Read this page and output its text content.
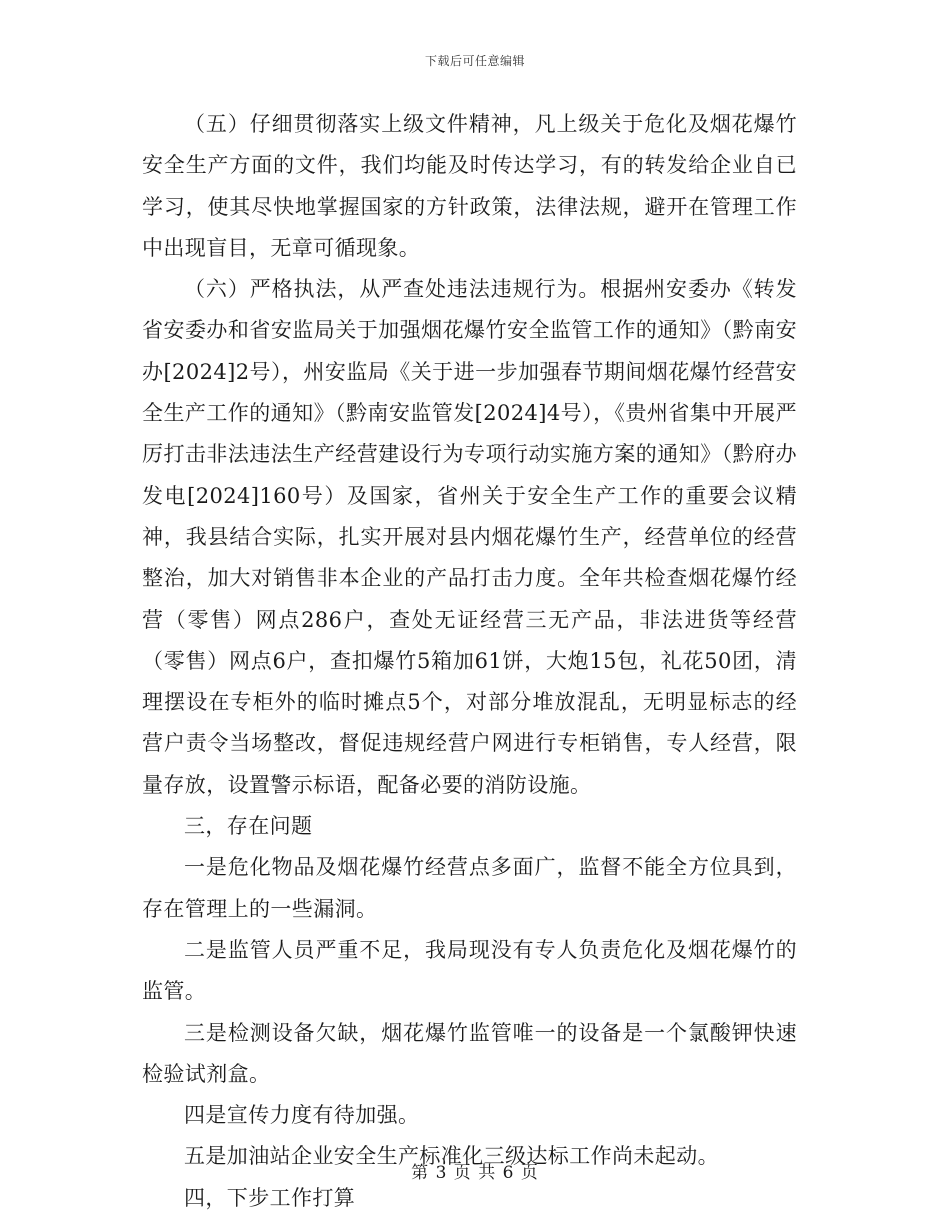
下载后可任意编辑

（五）仔细贯彻落实上级文件精神，凡上级关于危化及烟花爆竹安全生产方面的文件，我们均能及时传达学习，有的转发给企业自已学习，使其尽快地掌握国家的方针政策，法律法规，避开在管理工作中出现盲目，无章可循现象。

（六）严格执法，从严查处违法违规行为。根据州安委办《转发省安委办和省安监局关于加强烟花爆竹安全监管工作的通知》（黔南安办[2024]2号），州安监局《关于进一步加强春节期间烟花爆竹经营安全生产工作的通知》（黔南安监管发[2024]4号），《贵州省集中开展严厉打击非法违法生产经营建设行为专项行动实施方案的通知》（黔府办发电[2024]160号）及国家，省州关于安全生产工作的重要会议精神，我县结合实际，扎实开展对县内烟花爆竹生产，经营单位的经营整治，加大对销售非本企业的产品打击力度。全年共检查烟花爆竹经营（零售）网点286户，查处无证经营三无产品，非法进货等经营（零售）网点6户，查扣爆竹5箱加61饼，大炮15包，礼花50团，清理摆设在专柜外的临时摊点5个，对部分堆放混乱，无明显标志的经营户责令当场整改，督促违规经营户网进行专柜销售，专人经营，限量存放，设置警示标语，配备必要的消防设施。

三，存在问题

一是危化物品及烟花爆竹经营点多面广，监督不能全方位具到，存在管理上的一些漏洞。

二是监管人员严重不足，我局现没有专人负责危化及烟花爆竹的监管。

三是检测设备欠缺，烟花爆竹监管唯一的设备是一个氯酸钾快速检验试剂盒。

四是宣传力度有待加强。

五是加油站企业安全生产标准化三级达标工作尚未起动。

四，下步工作打算

第 3 页 共 6 页
